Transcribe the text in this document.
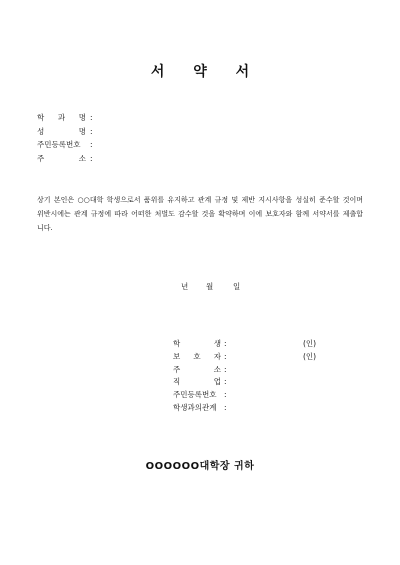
서 약 서
학 과 명 :
성	명 :
주민등록번호 :
주	소 :
상기 본인은 ○○대학 학생으로서 품위를 유지하고 관계 규정 및 제반 지시사항을 성실히 준수할 것이며 위반시에는 관계 규정에 따라 어떠한 처벌도 감수할 것을 확약하며 이에 보호자와 함께 서약서를 제출합니다.
년 월	일
학	생 :	(인)
보 호 자 :	(인)
주	소 :
직	업 :
주민등록번호 :
학생과의관계 :
OOOOOO대학장 귀하
